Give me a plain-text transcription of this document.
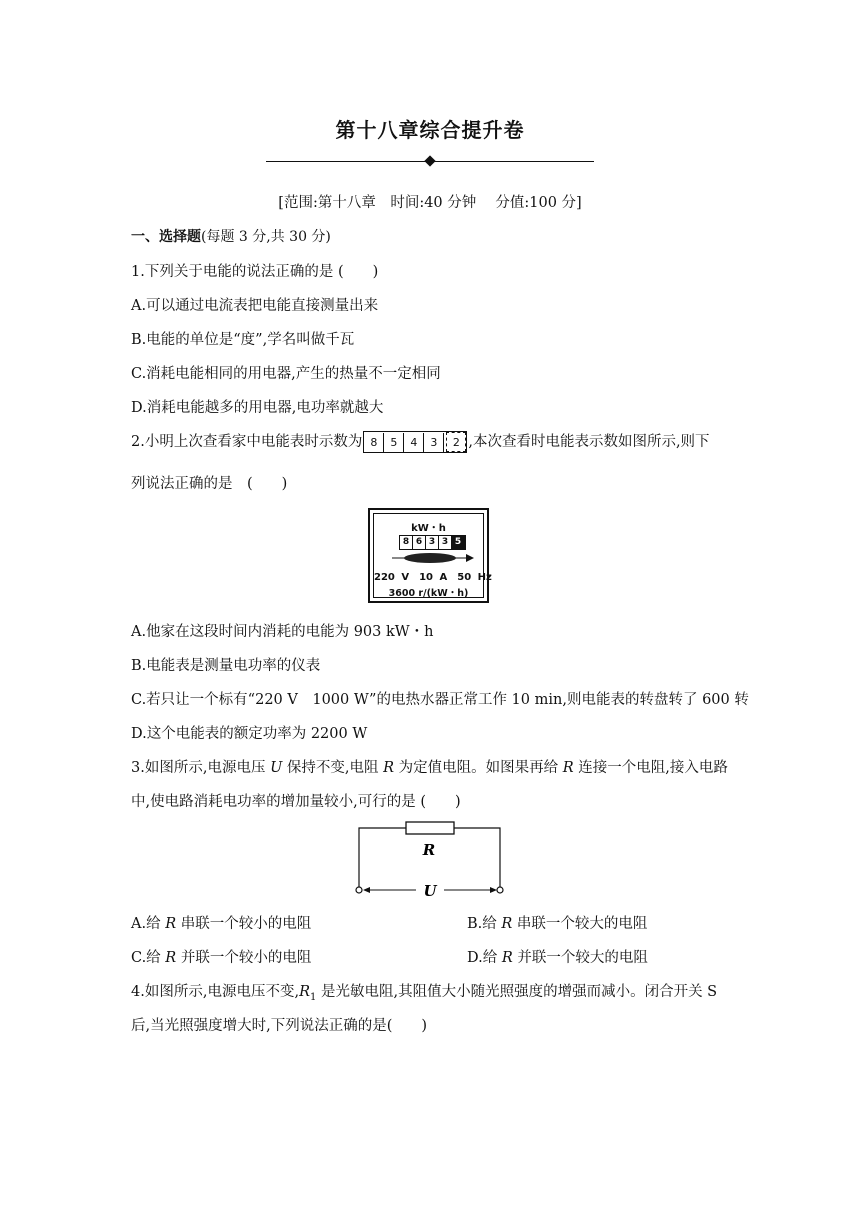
第十八章综合提升卷
[范围:第十八章　时间:40 分钟　 分值:100 分]
一、选择题(每题 3 分,共 30 分)
1.下列关于电能的说法正确的是 (　　)
A.可以通过电流表把电能直接测量出来
B.电能的单位是“度”,学名叫做千瓦
C.消耗电能相同的用电器,产生的热量不一定相同
D.消耗电能越多的用电器,电功率就越大
2.小明上次查看家中电能表时示数为 8 5 4 3 2 ,本次查看时电能表示数如图所示,则下
列说法正确的是　(　　)
kW・h
8 6 3 3 5
220 V　10 A　50 Hz
3600 r/(kW・h)
A.他家在这段时间内消耗的电能为 903 kW・h
B.电能表是测量电功率的仪表
C.若只让一个标有“220 V　1000 W”的电热水器正常工作 10 min,则电能表的转盘转了 600 转
D.这个电能表的额定功率为 2200 W
3.如图所示,电源电压 U 保持不变,电阻 R 为定值电阻。如图果再给 R 连接一个电阻,接入电路
中,使电路消耗电功率的增加量较小,可行的是 (　　)
R
U
A.给 R 串联一个较小的电阻	B.给 R 串联一个较大的电阻
C.给 R 并联一个较小的电阻	D.给 R 并联一个较大的电阻
4.如图所示,电源电压不变$,R_1$ 是光敏电阻,其阻值大小随光照强度的增强而减小。闭合开关 S
后,当光照强度增大时,下列说法正确的是(　　)
